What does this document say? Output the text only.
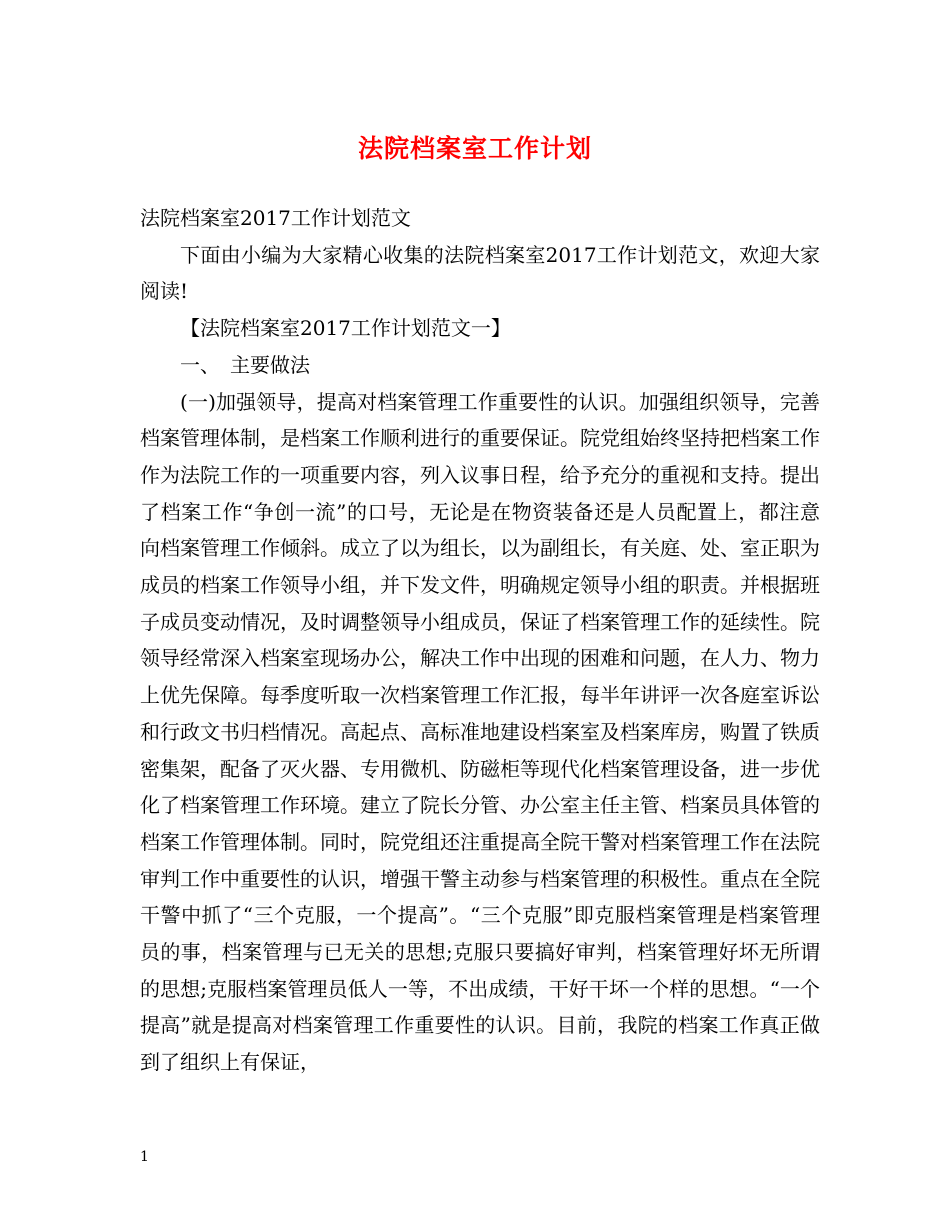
法院档案室工作计划

法院档案室2017工作计划范文

下面由小编为大家精心收集的法院档案室2017工作计划范文，欢迎大家阅读!

【法院档案室2017工作计划范文一】

一、　主要做法

(一)加强领导，提高对档案管理工作重要性的认识。加强组织领导，完善档案管理体制，是档案工作顺利进行的重要保证。院党组始终坚持把档案工作作为法院工作的一项重要内容，列入议事日程，给予充分的重视和支持。提出了档案工作“争创一流”的口号，无论是在物资装备还是人员配置上，都注意向档案管理工作倾斜。成立了以为组长，以为副组长，有关庭、处、室正职为成员的档案工作领导小组，并下发文件，明确规定领导小组的职责。并根据班子成员变动情况，及时调整领导小组成员，保证了档案管理工作的延续性。院领导经常深入档案室现场办公，解决工作中出现的困难和问题，在人力、物力上优先保障。每季度听取一次档案管理工作汇报，每半年讲评一次各庭室诉讼和行政文书归档情况。高起点、高标准地建设档案室及档案库房，购置了铁质密集架，配备了灭火器、专用微机、防磁柜等现代化档案管理设备，进一步优化了档案管理工作环境。建立了院长分管、办公室主任主管、档案员具体管的档案工作管理体制。同时，院党组还注重提高全院干警对档案管理工作在法院审判工作中重要性的认识，增强干警主动参与档案管理的积极性。重点在全院干警中抓了“三个克服，一个提高”。“三个克服”即克服档案管理是档案管理员的事，档案管理与已无关的思想;克服只要搞好审判，档案管理好坏无所谓的思想;克服档案管理员低人一等，不出成绩，干好干坏一个样的思想。“一个提高”就是提高对档案管理工作重要性的认识。目前，我院的档案工作真正做到了组织上有保证，

1
